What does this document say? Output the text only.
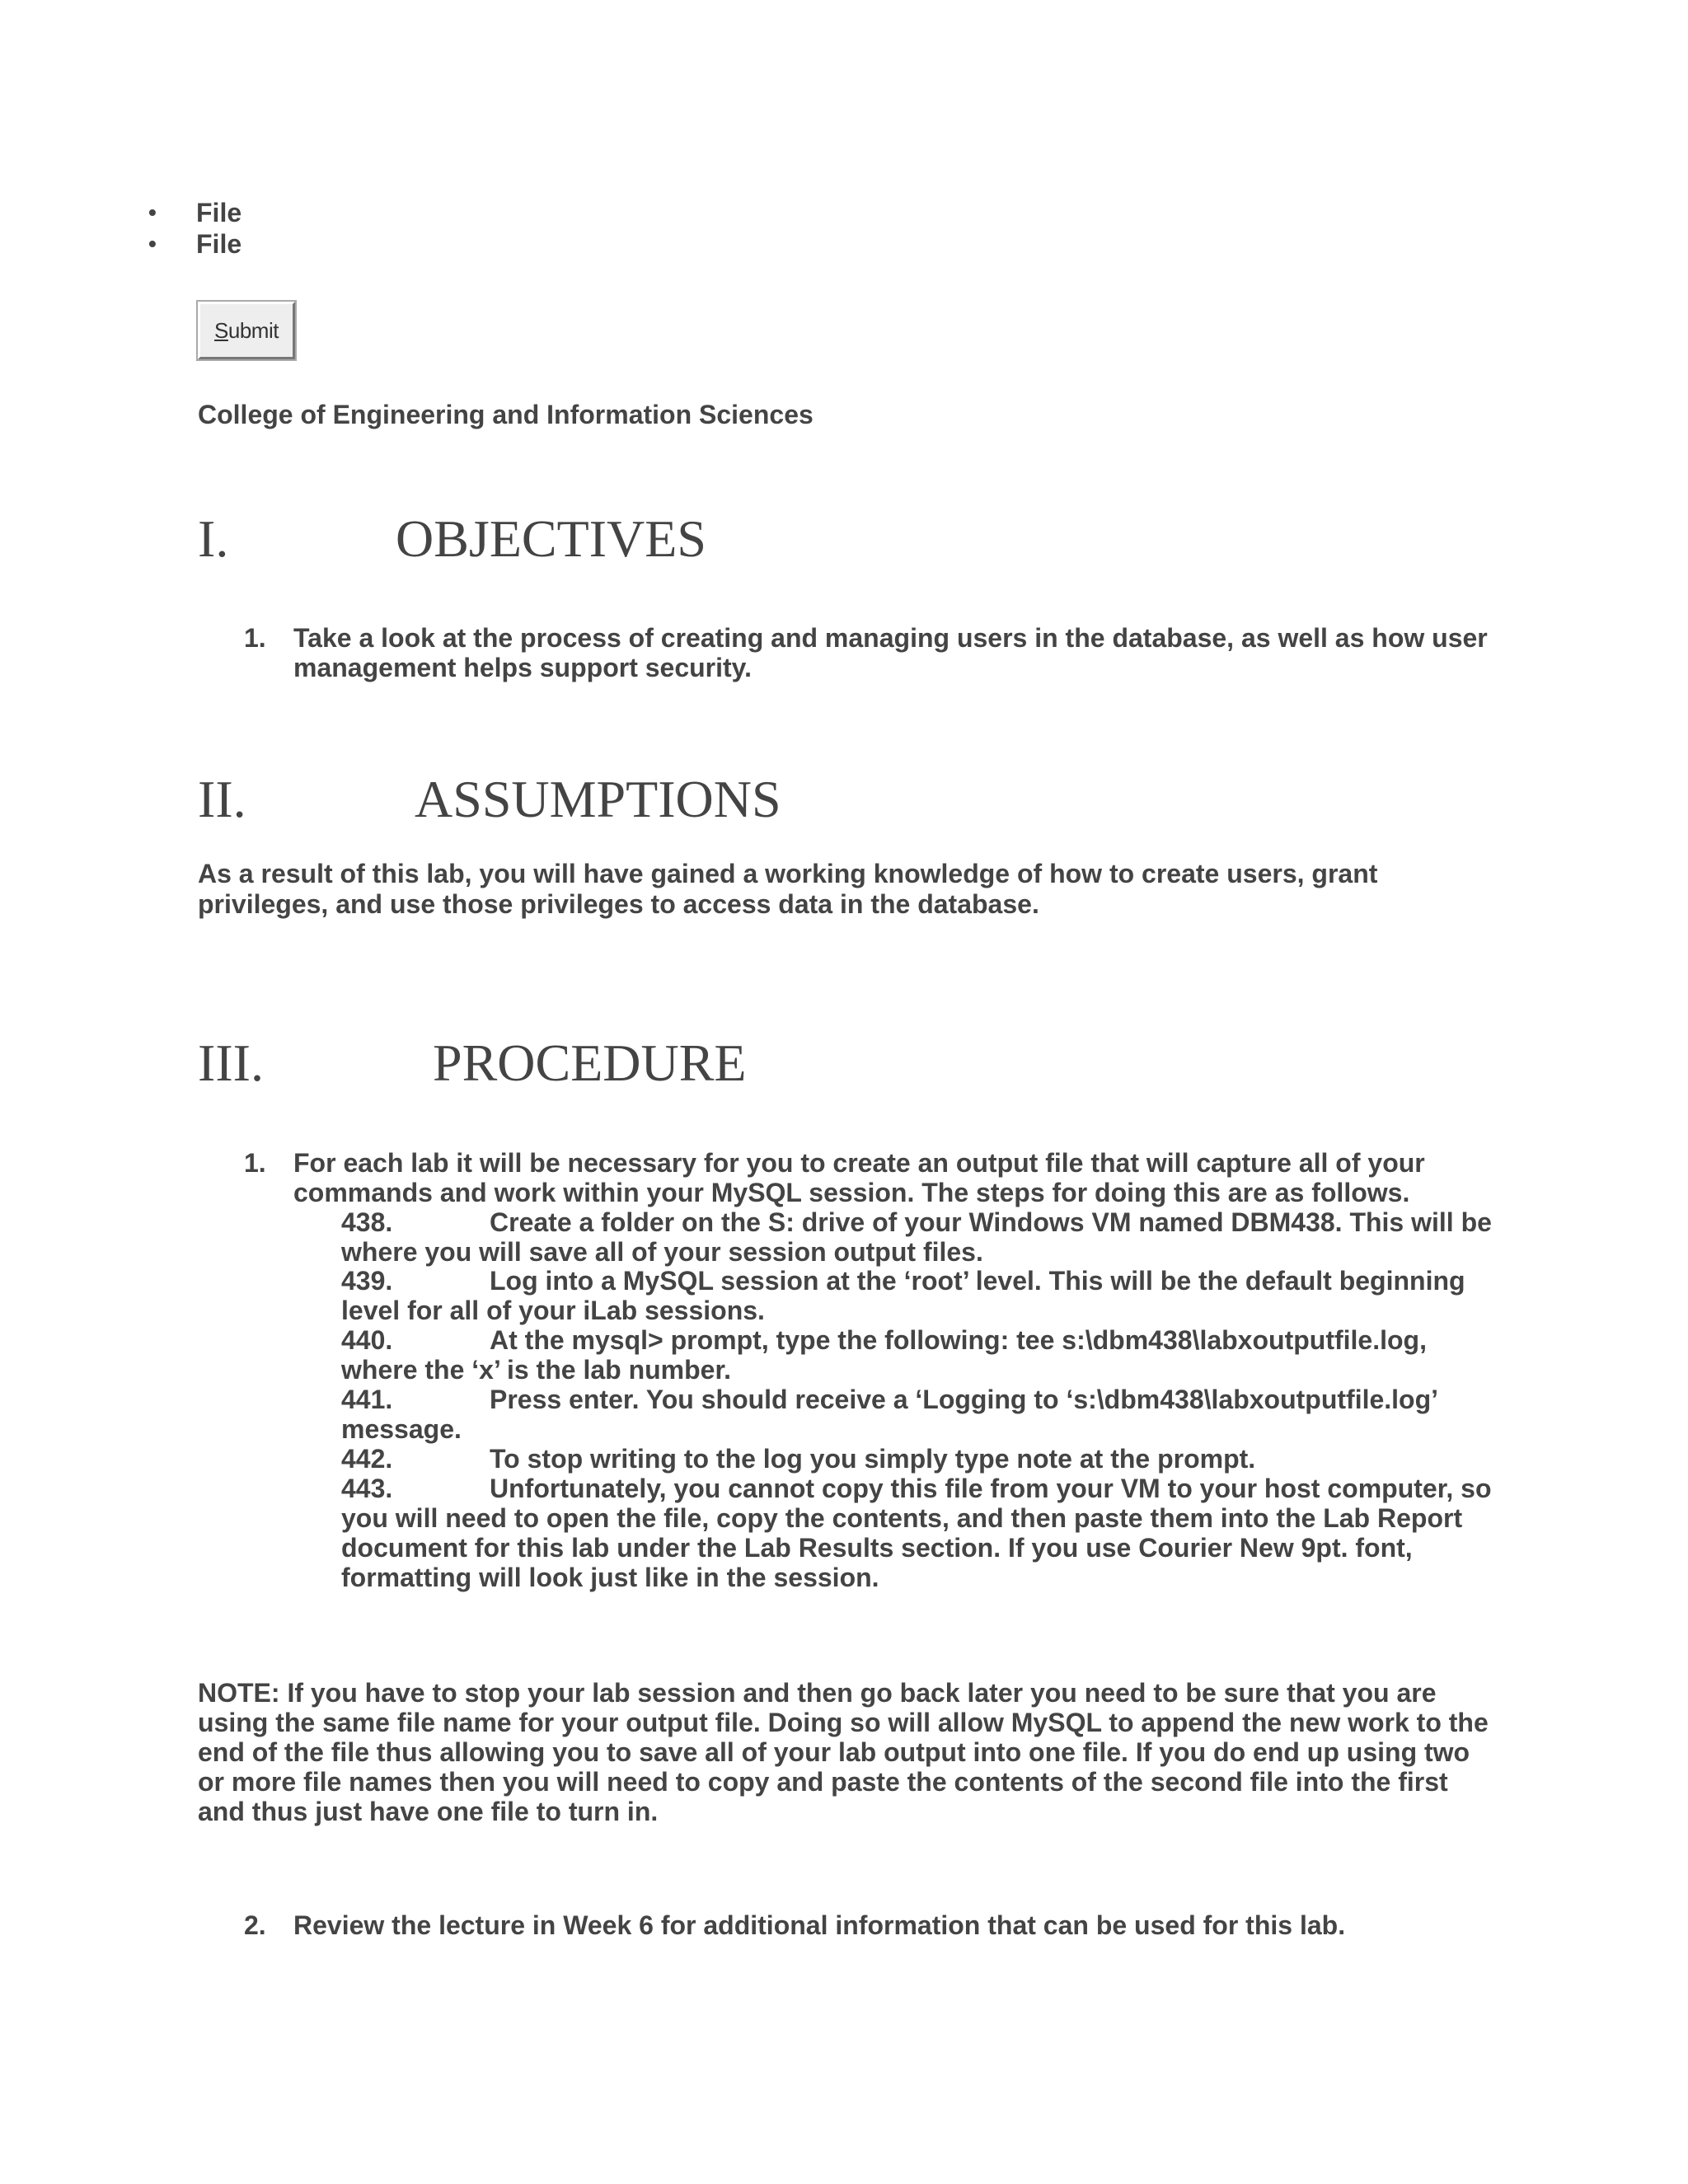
•	File
•	File
S ubmit
College of Engineering and Information Sciences
I.	OBJECTIVES
1. Take a look at the process of creating and managing users in the database, as well as how user management helps support security.
II.	ASSUMPTIONS
As a result of this lab, you will have gained a working knowledge of how to create users, grant privileges, and use those privileges to access data in the database.
III.	PROCEDURE
1. For each lab it will be necessary for you to create an output file that will capture all of your commands and work within your MySQL session. The steps for doing this are as follows.
438.	Create a folder on the S: drive of your Windows VM named DBM438. This will be where you will save all of your session output files.
439.	Log into a MySQL session at the ‘root’ level. This will be the default beginning level for all of your iLab sessions.
440.	At the mysql> prompt, type the following: tee s:\dbm438\labxoutputfile.log, where the ‘x’ is the lab number.
441.	Press enter. You should receive a ‘Logging to ‘s:\dbm438\labxoutputfile.log’ message.
442.	To stop writing to the log you simply type note at the prompt.
443.	Unfortunately, you cannot copy this file from your VM to your host computer, so you will need to open the file, copy the contents, and then paste them into the Lab Report document for this lab under the Lab Results section. If you use Courier New 9pt. font, formatting will look just like in the session.
NOTE: If you have to stop your lab session and then go back later you need to be sure that you are using the same file name for your output file. Doing so will allow MySQL to append the new work to the end of the file thus allowing you to save all of your lab output into one file. If you do end up using two or more file names then you will need to copy and paste the contents of the second file into the first and thus just have one file to turn in.
2. Review the lecture in Week 6 for additional information that can be used for this lab.
